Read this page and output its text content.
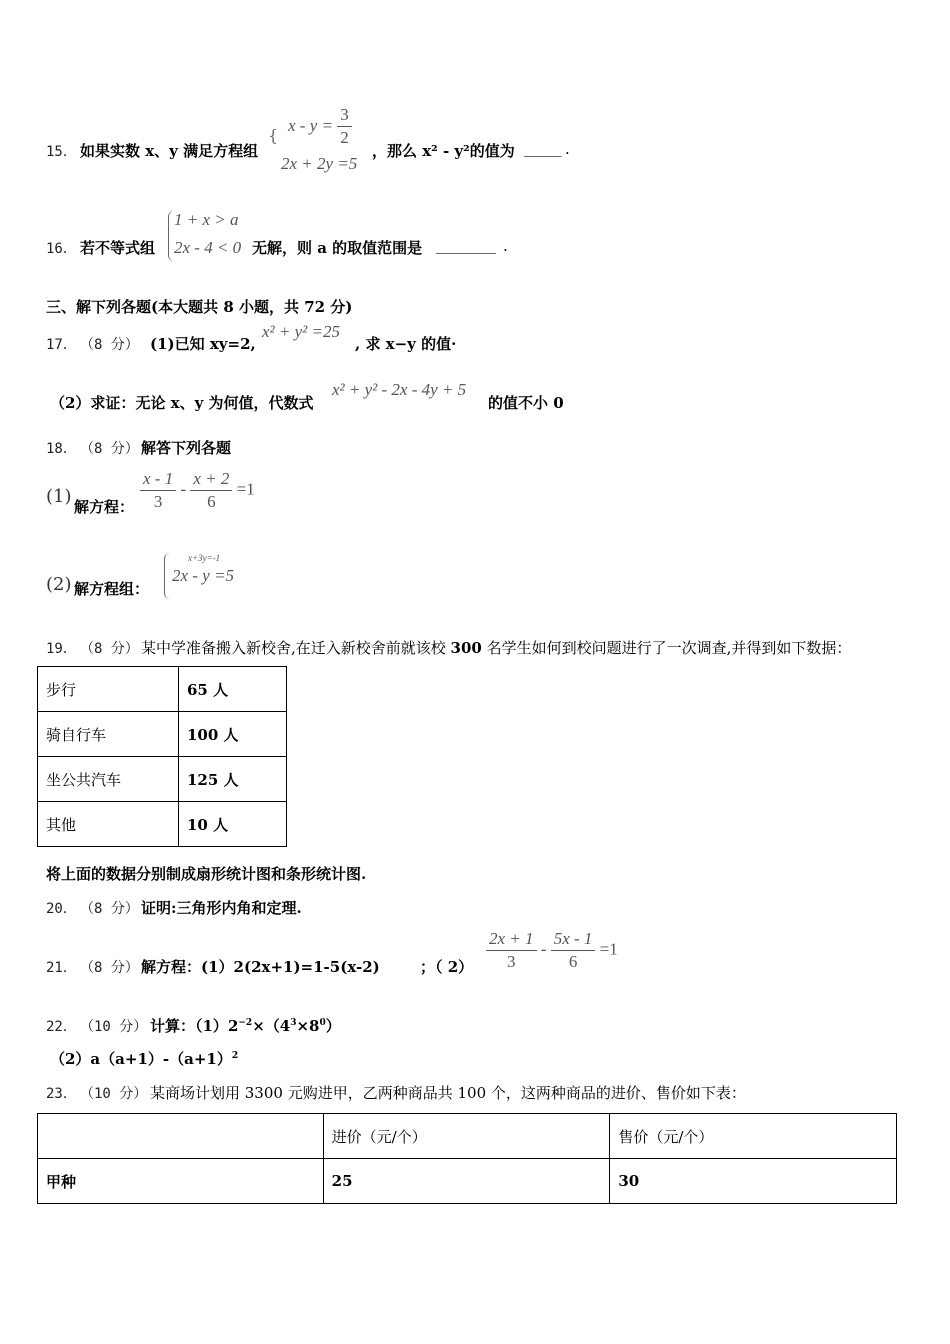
15． 如果实数 x、y 满足方程组
{
$x - y = \frac{3}{2}$
2x + 2y =5
，那么 x² - y²的值为 _____ .
16． 若不等式组
1 + x > a
2x - 4 < 0 无解，则 a 的取值范围是 ________ .
三、解下列各题(本大题共 8 小题，共 72 分)
17． （8 分） (1)已知 xy=2,
x² + y² =25
, 求 x−y 的值·
（2）求证：无论 x、y 为何值，代数式
x² + y² - 2x - 4y + 5
的值不小 0
18． （8 分） 解答下列各题
(1) 解方程： $\frac{x - 1}{3} - \frac{x + 2}{6} =1$
(2) 解方程组：
x+3y=-1
2x - y =5
19． （8 分） 某中学准备搬入新校舍,在迁入新校舍前就该校 300 名学生如何到校问题进行了一次调查,并得到如下数据：
步行	65 人
骑自行车	100 人
坐公共汽车	125 人
其他	10 人
将上面的数据分别制成扇形统计图和条形统计图.
20． （8 分） 证明:三角形内角和定理.
21． （8 分） 解方程：(1）2(2x+1)=1-5(x-2)	；（ $2) \frac{2x + 1}{3} - \frac{5x - 1}{6} =1$
22． （10 分） 计算：$(1)2^{-2}\times(4^3\times 8^0)$
$(2)a(a+1)-(a+1)^2$
23． （10 分） 某商场计划用 3300 元购进甲，乙两种商品共 100 个，这两种商品的进价、售价如下表：
	进价（元/个）	售价（元/个）
甲种	25	30
